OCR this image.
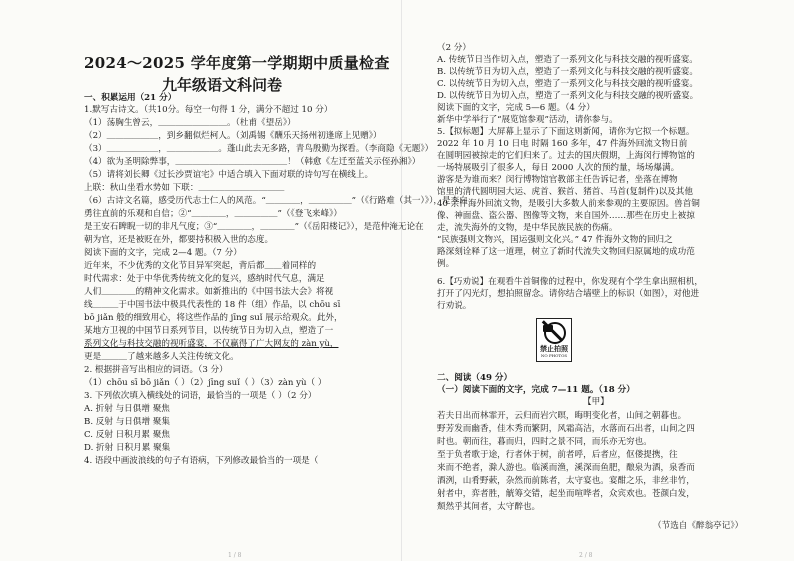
2024～2025 学年度第一学期期中质量检查
九年级语文科问卷
一、积累运用（21 分）
1.默写古诗文。（共10分。每空一句得 1 分，满分不超过 10 分）
（1）荡胸生曾云，＿＿＿＿＿＿＿＿。（杜甫《望岳》）
（2）＿＿＿＿＿＿，到乡翻似烂柯人。（刘禹锡《酬乐天扬州初逢席上见赠》）
（3）＿＿＿＿＿＿，＿＿＿＿＿＿。蓬山此去无多路，青鸟殷勤为探看。（李商隐《无题》）
（4）欲为圣明除弊事，＿＿＿＿＿＿＿＿＿＿＿＿＿！（韩愈《左迁至蓝关示侄孙湘》）
（5）请将刘长卿《过长沙贾谊宅》中适合填入下面对联的诗句写在横线上。
上联：秋山坐看水势如 下联：＿＿＿＿＿＿＿＿＿＿
（6）古诗文名篇，感受历代志士仁人的风范。“＿＿＿＿，＿＿＿＿＿”（《行路难（其一）》），是李白
勇往直前的乐观和自信；②“＿＿＿＿，＿＿＿＿＿”（《登飞来峰》）
是王安石睥睨一切的非凡气度；③“＿＿＿＿，＿＿＿＿”（《岳阳楼记》），是范仲淹无论在
朝为官，还是被贬在外，都要持积极入世的态度。
阅读下面的文字，完成 2—4 题。（7 分）
近年来，不少优秀的文化节目异军突起，背后都＿＿着同样的
时代需求：处于中华优秀传统文化的复兴，感纳时代气息，满足
人们＿＿＿＿的精神文化需求。如新推出的《中国书法大会》将视
线＿＿＿于中国书法中极具代表性的 18 件（组）作品，以 chōu sī
bō jiǎn 般的细致用心，将这些作品的 jīng suǐ 展示给观众。此外，
某地方卫视的中国节日系列节目，以传统节日为切入点，塑造了一
系列文化与科技交融的视听盛宴，不仅赢得了广大网友的 zàn yù，
更是＿＿＿了越来越多人关注传统文化。
2. 根据拼音写出相应的词语。（3 分）
（1）chōu sī bō jiǎn（ ）（2）jīng suǐ（ ）（3）zàn yù（ ）
3. 下列依次填入横线处的词语，最恰当的一项是（ ）（2 分）
A. 折射 与日俱增 聚焦
B. 反射 与日俱增 聚集
C. 反射 日积月累 聚焦
D. 折射 日积月累 聚集
4. 语段中画波浪线的句子有语病，下列修改最恰当的一项是（
1 / 8
（2 分）
A. 传统节日当作切入点，塑造了一系列文化与科技交融的视听盛宴。
B. 以传统节日为切入点，塑造了一系列文化与科技交融的视听盛宴。
C. 以传统节日为切入点，塑造了一系列文化与科技交融的视听盛宴。
D. 以传统节日为切入点，塑造了一系列文化与科技交融的视听盛宴。
阅读下面的文字，完成 5—6 题。（4 分）
新华中学举行了“展览馆参观”活动，请你参与。
5.【拟标题】大屏幕上显示了下面这则新闻，请你为它拟一个标题。
2022 年 10 月 10 日电 时隔 160 多年，47 件海外回流文物日前
在圆明园被掠走的它们归来了。过去的国庆假期，上海闵行博物馆的
一场特展吸引了很多人，每日 2000 人次的预约量，场场爆满。
游客是为谁而来？闵行博物馆官教部主任告诉记者，坐落在博物
馆里的清代圆明园大运、虎首、猴首、猪首、马首(复制件)以及其他
40 余件海外回流文物，是吸引大多数人前来参观的主要原因。兽首铜
像、神面盘、盗公器、图像等文物，来自国外……那些在历史上被掠
走，流失海外的文物，是中华民族民族的伤痛。
“民族强则文物兴，国运强则文化兴。” 47 件海外文物的回归之
路深刻诠释了这一道理，树立了新时代流失文物回归原属地的成功范
例。
6.【巧劝说】在观看牛首铜像的过程中，你发现有个学生拿出照相机，
打开了闪光灯，想拍照留念。请你结合墙壁上的标识（如图），对他进
行劝说。
禁止拍照
NO PHOTOS
二、阅读（49 分）
（一）阅读下面的文字，完成 7—11 题。（18 分）
【甲】
若夫日出而林霏开，云归而岩穴暝，晦明变化者，山间之朝暮也。
野芳发而幽香，佳木秀而繁阴，风霜高洁，水落而石出者，山间之四
时也。朝而往，暮而归，四时之景不同，而乐亦无穷也。
至于负者歌于途，行者休于树，前者呼，后者应，伛偻提携，往
来而不绝者，滁人游也。临溪而渔，溪深而鱼肥，酿泉为酒，泉香而
酒洌，山肴野蔌，杂然而前陈者，太守宴也。宴酣之乐，非丝非竹，
射者中，弈者胜，觥筹交错，起坐而喧哗者，众宾欢也。苍颜白发，
颓然乎其间者，太守醉也。
（节选自《醉翁亭记》）
2 / 8
